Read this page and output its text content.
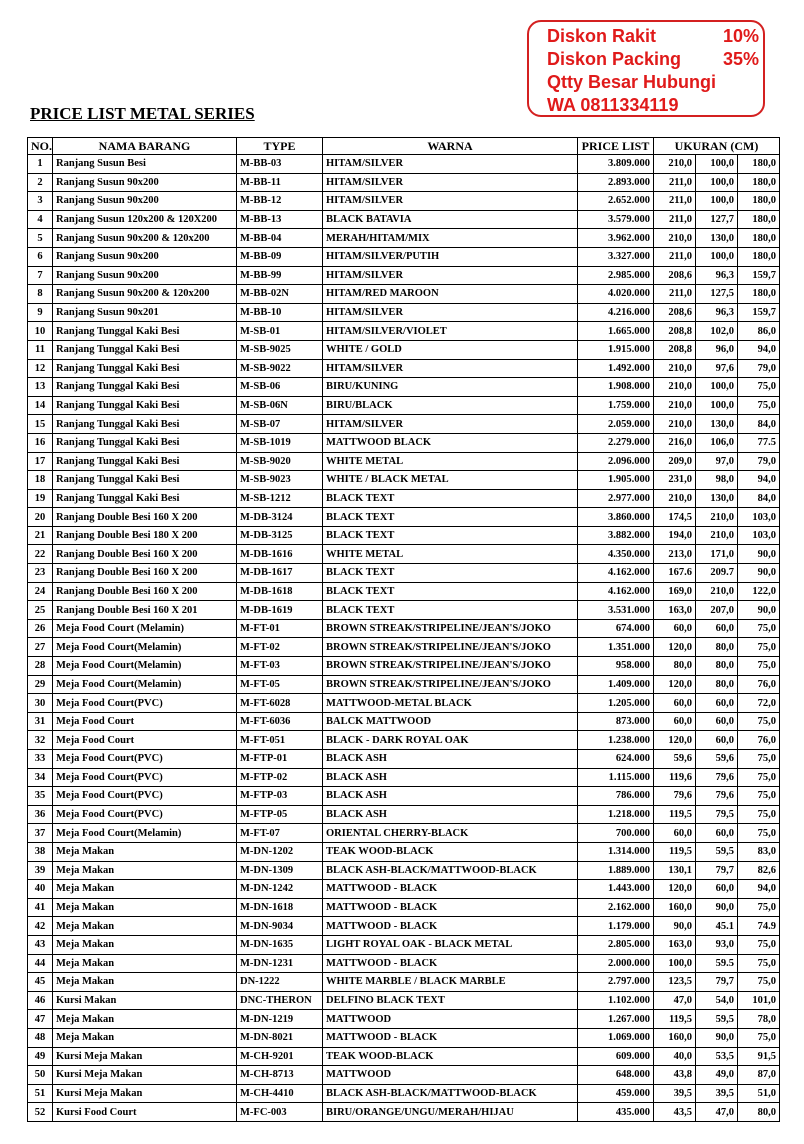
Diskon Rakit	10%
Diskon Packing 35%
Qtty Besar Hubungi
WA 0811334119
PRICE LIST METAL SERIES
NO.	NAMA BARANG	TYPE	WARNA	PRICE LIST	UKURAN (CM)		
1	Ranjang Susun Besi	M-BB-03	HITAM/SILVER	3.809.000	210,0	100,0	180,0
2	Ranjang Susun 90x200	M-BB-11	HITAM/SILVER	2.893.000	211,0	100,0	180,0
3	Ranjang Susun 90x200	M-BB-12	HITAM/SILVER	2.652.000	211,0	100,0	180,0
4	Ranjang Susun 120x200 & 120X200	M-BB-13	BLACK BATAVIA	3.579.000	211,0	127,7	180,0
5	Ranjang Susun 90x200 & 120x200	M-BB-04	MERAH/HITAM/MIX	3.962.000	210,0	130,0	180,0
6	Ranjang Susun 90x200	M-BB-09	HITAM/SILVER/PUTIH	3.327.000	211,0	100,0	180,0
7	Ranjang Susun 90x200	M-BB-99	HITAM/SILVER	2.985.000	208,6	96,3	159,7
8	Ranjang Susun 90x200 & 120x200	M-BB-02N	HITAM/RED MAROON	4.020.000	211,0	127,5	180,0
9	Ranjang Susun 90x201	M-BB-10	HITAM/SILVER	4.216.000	208,6	96,3	159,7
10	Ranjang Tunggal Kaki Besi	M-SB-01	HITAM/SILVER/VIOLET	1.665.000	208,8	102,0	86,0
11	Ranjang Tunggal Kaki Besi	M-SB-9025	WHITE / GOLD	1.915.000	208,8	96,0	94,0
12	Ranjang Tunggal Kaki Besi	M-SB-9022	HITAM/SILVER	1.492.000	210,0	97,6	79,0
13	Ranjang Tunggal Kaki Besi	M-SB-06	BIRU/KUNING	1.908.000	210,0	100,0	75,0
14	Ranjang Tunggal Kaki Besi	M-SB-06N	BIRU/BLACK	1.759.000	210,0	100,0	75,0
15	Ranjang Tunggal Kaki Besi	M-SB-07	HITAM/SILVER	2.059.000	210,0	130,0	84,0
16	Ranjang Tunggal Kaki Besi	M-SB-1019	MATTWOOD BLACK	2.279.000	216,0	106,0	77.5
17	Ranjang Tunggal Kaki Besi	M-SB-9020	WHITE METAL	2.096.000	209,0	97,0	79,0
18	Ranjang Tunggal Kaki Besi	M-SB-9023	WHITE / BLACK METAL	1.905.000	231,0	98,0	94,0
19	Ranjang Tunggal Kaki Besi	M-SB-1212	BLACK TEXT	2.977.000	210,0	130,0	84,0
20	Ranjang Double Besi 160 X 200	M-DB-3124	BLACK TEXT	3.860.000	174,5	210,0	103,0
21	Ranjang Double Besi 180 X 200	M-DB-3125	BLACK TEXT	3.882.000	194,0	210,0	103,0
22	Ranjang Double Besi 160 X 200	M-DB-1616	WHITE METAL	4.350.000	213,0	171,0	90,0
23	Ranjang Double Besi 160 X 200	M-DB-1617	BLACK TEXT	4.162.000	167.6	209.7	90,0
24	Ranjang Double Besi 160 X 200	M-DB-1618	BLACK TEXT	4.162.000	169,0	210,0	122,0
25	Ranjang Double Besi 160 X 201	M-DB-1619	BLACK TEXT	3.531.000	163,0	207,0	90,0
26	Meja Food Court (Melamin)	M-FT-01	BROWN STREAK/STRIPELINE/JEAN'S/JOKO	674.000	60,0	60,0	75,0
27	Meja Food Court(Melamin)	M-FT-02	BROWN STREAK/STRIPELINE/JEAN'S/JOKO	1.351.000	120,0	80,0	75,0
28	Meja Food Court(Melamin)	M-FT-03	BROWN STREAK/STRIPELINE/JEAN'S/JOKO	958.000	80,0	80,0	75,0
29	Meja Food Court(Melamin)	M-FT-05	BROWN STREAK/STRIPELINE/JEAN'S/JOKO	1.409.000	120,0	80,0	76,0
30	Meja Food Court(PVC)	M-FT-6028	MATTWOOD-METAL BLACK	1.205.000	60,0	60,0	72,0
31	Meja Food Court	M-FT-6036	BALCK MATTWOOD	873.000	60,0	60,0	75,0
32	Meja Food Court	M-FT-051	BLACK - DARK ROYAL OAK	1.238.000	120,0	60,0	76,0
33	Meja Food Court(PVC)	M-FTP-01	BLACK ASH	624.000	59,6	59,6	75,0
34	Meja Food Court(PVC)	M-FTP-02	BLACK ASH	1.115.000	119,6	79,6	75,0
35	Meja Food Court(PVC)	M-FTP-03	BLACK ASH	786.000	79,6	79,6	75,0
36	Meja Food Court(PVC)	M-FTP-05	BLACK ASH	1.218.000	119,5	79,5	75,0
37	Meja Food Court(Melamin)	M-FT-07	ORIENTAL CHERRY-BLACK	700.000	60,0	60,0	75,0
38	Meja Makan	M-DN-1202	TEAK WOOD-BLACK	1.314.000	119,5	59,5	83,0
39	Meja Makan	M-DN-1309	BLACK ASH-BLACK/MATTWOOD-BLACK	1.889.000	130,1	79,7	82,6
40	Meja Makan	M-DN-1242	MATTWOOD - BLACK	1.443.000	120,0	60,0	94,0
41	Meja Makan	M-DN-1618	MATTWOOD - BLACK	2.162.000	160,0	90,0	75,0
42	Meja Makan	M-DN-9034	MATTWOOD - BLACK	1.179.000	90,0	45.1	74.9
43	Meja Makan	M-DN-1635	LIGHT ROYAL OAK - BLACK METAL	2.805.000	163,0	93,0	75,0
44	Meja Makan	M-DN-1231	MATTWOOD - BLACK	2.000.000	100,0	59.5	75,0
45	Meja Makan	DN-1222	WHITE MARBLE / BLACK MARBLE	2.797.000	123,5	79,7	75,0
46	Kursi Makan	DNC-THERON	DELFINO BLACK TEXT	1.102.000	47,0	54,0	101,0
47	Meja Makan	M-DN-1219	MATTWOOD	1.267.000	119,5	59,5	78,0
48	Meja Makan	M-DN-8021	MATTWOOD - BLACK	1.069.000	160,0	90,0	75,0
49	Kursi Meja Makan	M-CH-9201	TEAK WOOD-BLACK	609.000	40,0	53,5	91,5
50	Kursi Meja Makan	M-CH-8713	MATTWOOD	648.000	43,8	49,0	87,0
51	Kursi Meja Makan	M-CH-4410	BLACK ASH-BLACK/MATTWOOD-BLACK	459.000	39,5	39,5	51,0
52	Kursi Food Court	M-FC-003	BIRU/ORANGE/UNGU/MERAH/HIJAU	435.000	43,5	47,0	80,0
